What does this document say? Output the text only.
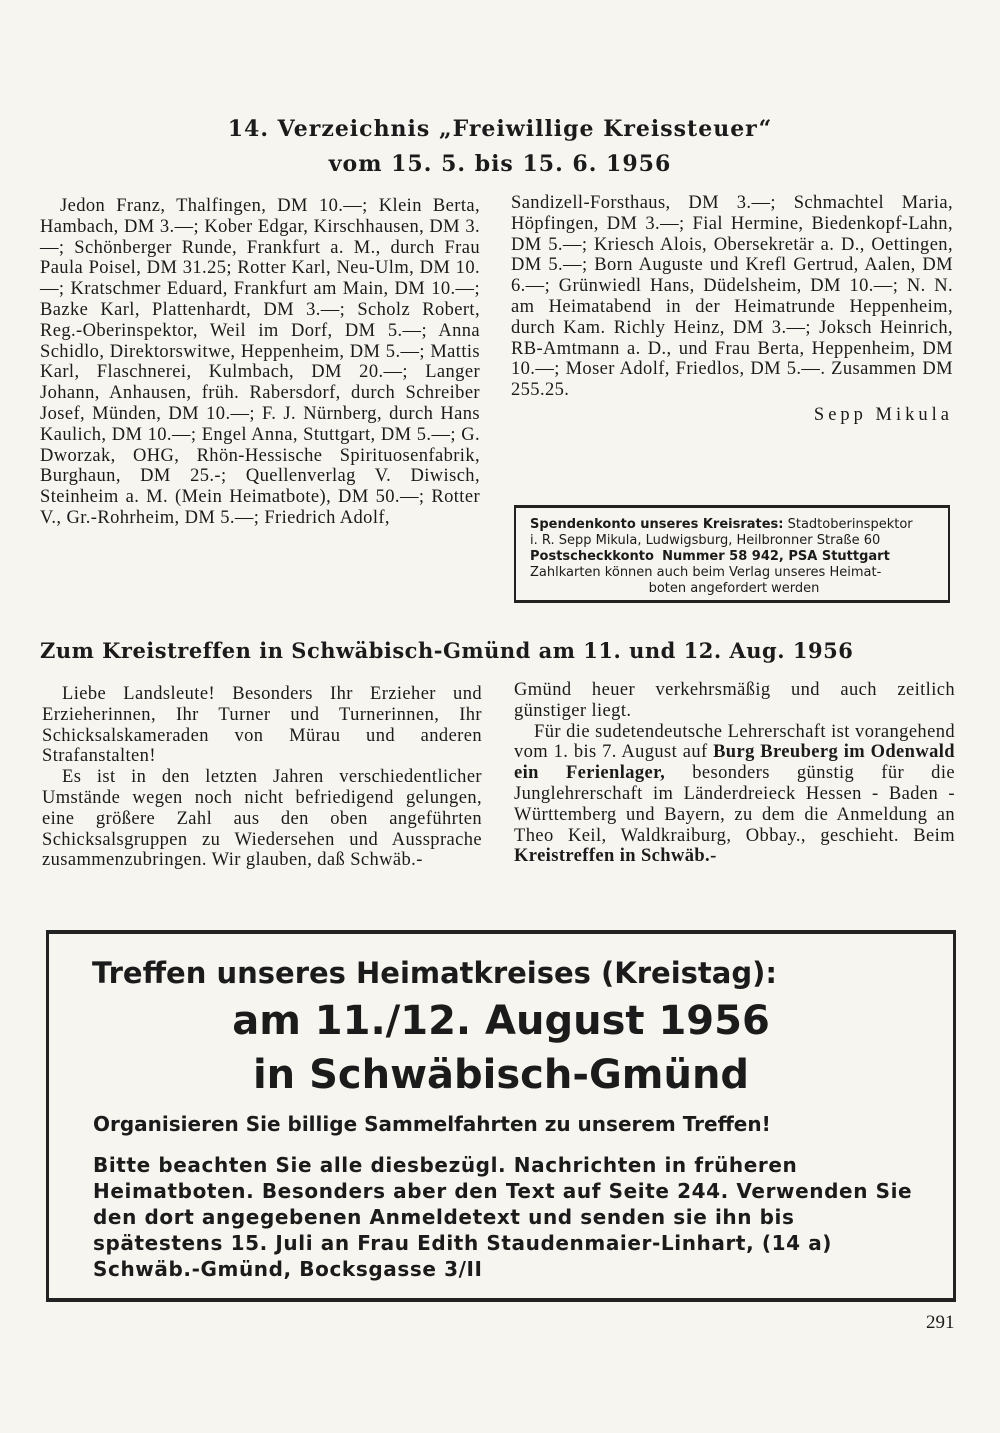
14. Verzeichnis „Freiwillige Kreissteuer“
vom 15. 5. bis 15. 6. 1956

Jedon Franz, Thalfingen, DM 10.—; Klein Berta, Hambach, DM 3.—; Kober Edgar, Kirschhausen, DM 3.—; Schönberger Runde, Frankfurt a. M., durch Frau Paula Poisel, DM 31.25; Rotter Karl, Neu-Ulm, DM 10.—; Kratschmer Eduard, Frankfurt am Main, DM 10.—; Bazke Karl, Plattenhardt, DM 3.—; Scholz Robert, Reg.-Oberinspektor, Weil im Dorf, DM 5.—; Anna Schidlo, Direktorswitwe, Heppenheim, DM 5.—; Mattis Karl, Flaschnerei, Kulmbach, DM 20.—; Langer Johann, Anhausen, früh. Rabersdorf, durch Schreiber Josef, Münden, DM 10.—; F. J. Nürnberg, durch Hans Kaulich, DM 10.—; Engel Anna, Stuttgart, DM 5.—; G. Dworzak, OHG, Rhön-Hessische Spirituosenfabrik, Burghaun, DM 25.-; Quellenverlag V. Diwisch, Steinheim a. M. (Mein Heimatbote), DM 50.—; Rotter V., Gr.-Rohrheim, DM 5.—; Friedrich Adolf,

Sandizell-Forsthaus, DM 3.—; Schmachtel Maria, Höpfingen, DM 3.—; Fial Hermine, Biedenkopf-Lahn, DM 5.—; Kriesch Alois, Obersekretär a. D., Oettingen, DM 5.—; Born Auguste und Krefl Gertrud, Aalen, DM 6.—; Grünwiedl Hans, Düdelsheim, DM 10.—; N. N. am Heimatabend in der Heimatrunde Heppenheim, durch Kam. Richly Heinz, DM 3.—; Joksch Heinrich, RB-Amtmann a. D., und Frau Berta, Heppenheim, DM 10.—; Moser Adolf, Friedlos, DM 5.—. Zusammen DM 255.25.

Sepp Mikula

Spendenkonto unseres Kreisrates: Stadtoberinspektor
i. R. Sepp Mikula, Ludwigsburg, Heilbronner Straße 60
Postscheckkonto Nummer 58 942, PSA Stuttgart
Zahlkarten können auch beim Verlag unseres Heimat-
boten angefordert werden
Zum Kreistreffen in Schwäbisch-Gmünd am 11. und 12. Aug. 1956

Liebe Landsleute! Besonders Ihr Erzieher und Erzieherinnen, Ihr Turner und Turnerinnen, Ihr Schicksalskameraden von Mürau und anderen Strafanstalten!

Es ist in den letzten Jahren verschiedentlicher Umstände wegen noch nicht befriedigend gelungen, eine größere Zahl aus den oben angeführten Schicksalsgruppen zu Wiedersehen und Aussprache zusammenzubringen. Wir glauben, daß Schwäb.-

Gmünd heuer verkehrsmäßig und auch zeitlich günstiger liegt.

Für die sudetendeutsche Lehrerschaft ist vorangehend vom 1. bis 7. August auf Burg Breuberg im Odenwald ein Ferienlager, besonders günstig für die Junglehrerschaft im Länderdreieck Hessen - Baden - Württemberg und Bayern, zu dem die Anmeldung an Theo Keil, Waldkraiburg, Obbay., geschieht. Beim Kreistreffen in Schwäb.-

Treffen unseres Heimatkreises (Kreistag):
am 11./12. August 1956
in Schwäbisch-Gmünd
Organisieren Sie billige Sammelfahrten zu unserem Treffen!
Bitte beachten Sie alle diesbezügl. Nachrichten in früheren Heimatboten. Besonders aber den Text auf Seite 244. Verwenden Sie den dort angegebenen Anmeldetext und senden sie ihn bis spätestens 15. Juli an Frau Edith Staudenmaier-Linhart, (14 a) Schwäb.-Gmünd, Bocksgasse 3/II
291
